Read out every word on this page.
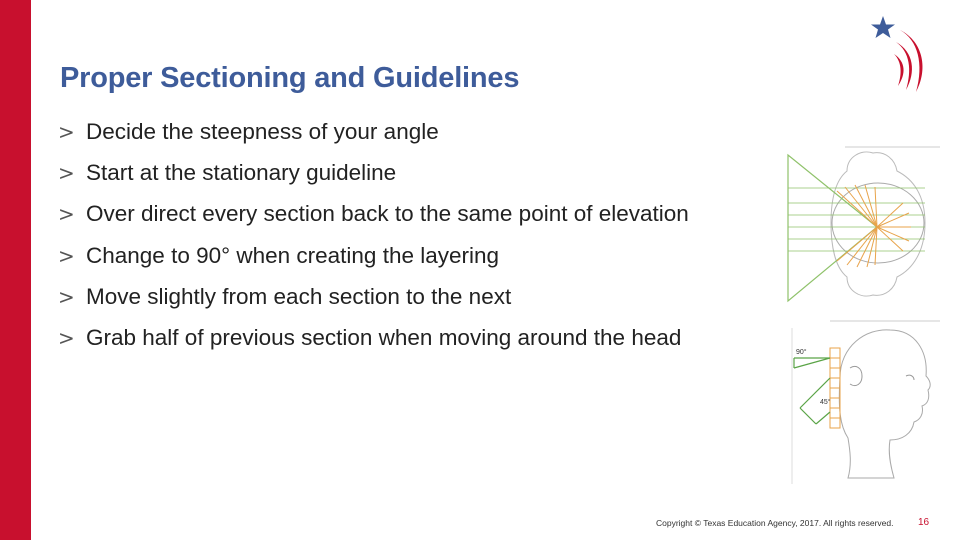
Proper Sectioning and Guidelines
> Decide the steepness of your angle
> Start at the stationary guideline
> Over direct every section back to the same point of elevation
> Change to 90° when creating the layering
> Move slightly from each section to the next
> Grab half of previous section when moving around the head
90°
45°
Copyright © Texas Education Agency, 2017. All rights reserved. 16
